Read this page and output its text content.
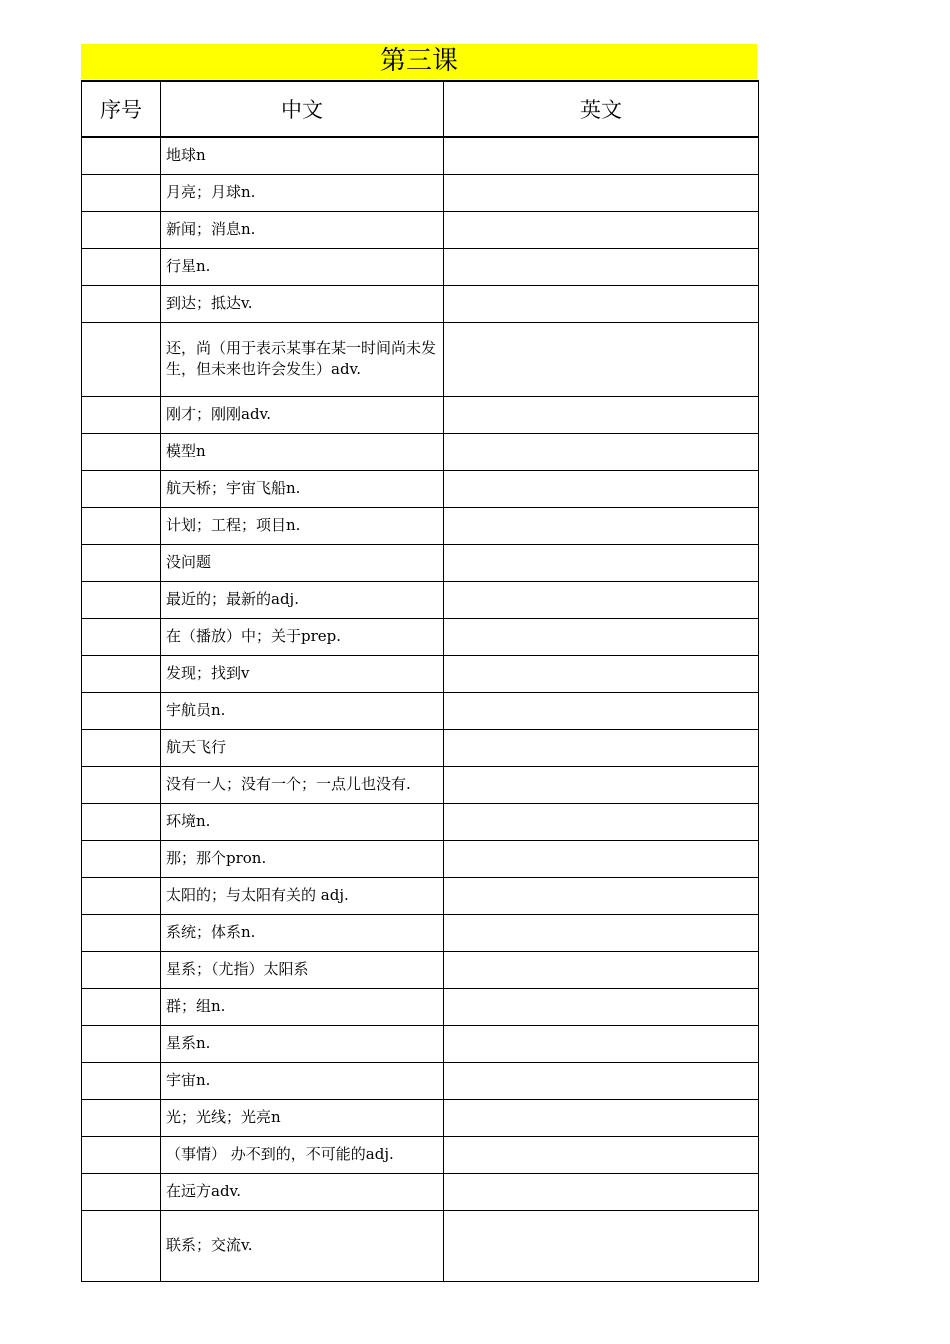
第三课
序号	中文	英文
	地球n	
	月亮；月球n.	
	新闻；消息n.	
	行星n.	
	到达；抵达v.	
	还，尚（用于表示某事在某一时间尚未发生，但未来也许会发生）adv.	
	刚才；刚刚adv.	
	模型n	
	航天桥；宇宙飞船n.	
	计划；工程；项目n.	
	没问题	
	最近的；最新的adj.	
	在（播放）中；关于prep.	
	发现；找到v	
	宇航员n.	
	航天飞行	
	没有一人；没有一个；一点儿也没有.	
	环境n.	
	那；那个pron.	
	太阳的；与太阳有关的 adj.	
	系统；体系n.	
	星系；（尤指）太阳系	
	群；组n.	
	星系n.	
	宇宙n.	
	光；光线；光亮n	
	（事情） 办不到的，不可能的adj.	
	在远方adv.	
	联系；交流v.	
